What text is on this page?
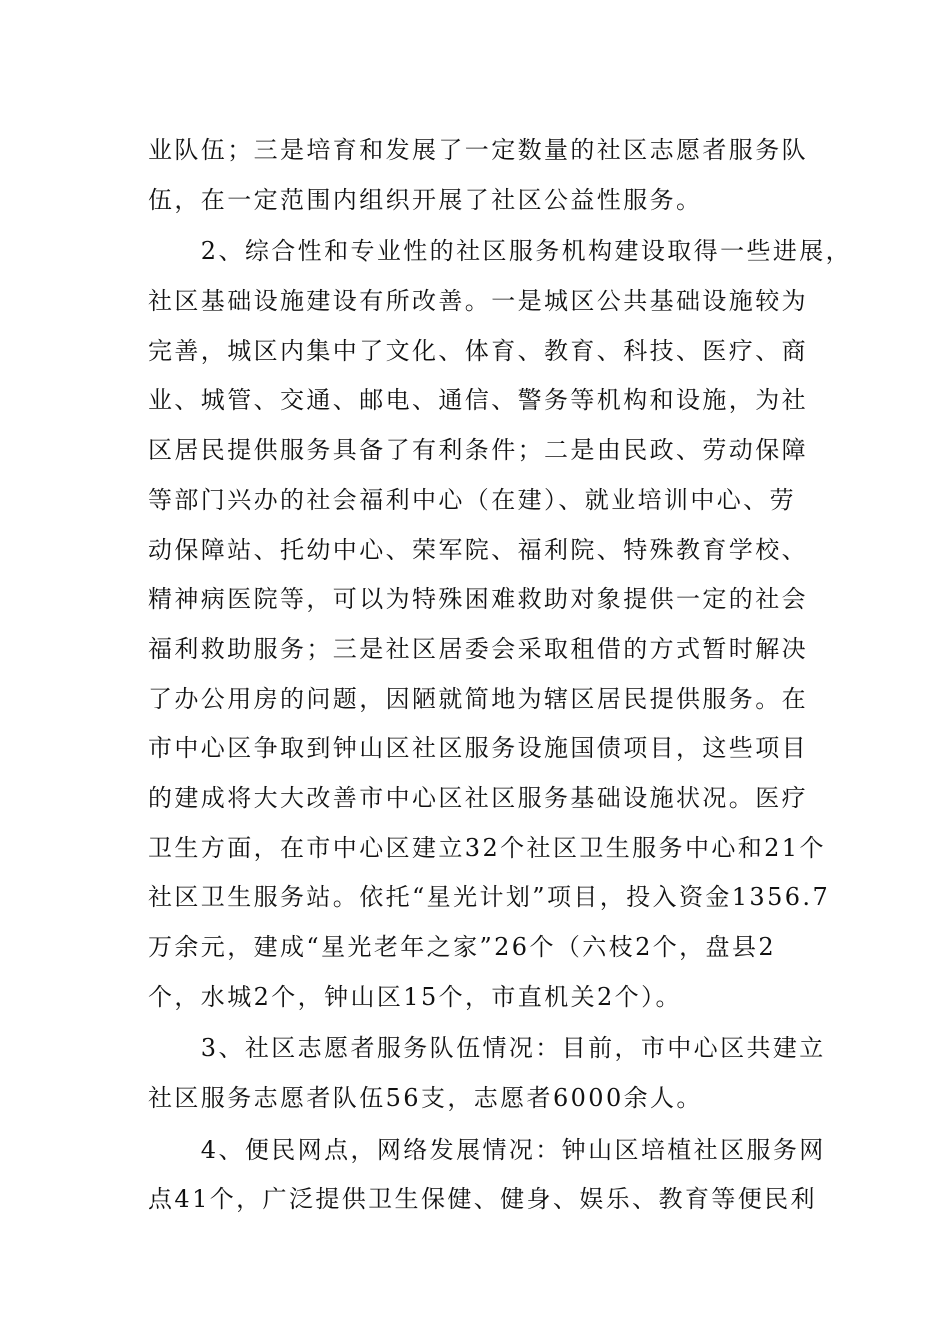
业队伍；三是培育和发展了一定数量的社区志愿者服务队
伍，在一定范围内组织开展了社区公益性服务。
　　2、综合性和专业性的社区服务机构建设取得一些进展，
社区基础设施建设有所改善。一是城区公共基础设施较为
完善，城区内集中了文化、体育、教育、科技、医疗、商
业、城管、交通、邮电、通信、警务等机构和设施，为社
区居民提供服务具备了有利条件；二是由民政、劳动保障
等部门兴办的社会福利中心（在建）、就业培训中心、劳
动保障站、托幼中心、荣军院、福利院、特殊教育学校、
精神病医院等，可以为特殊困难救助对象提供一定的社会
福利救助服务；三是社区居委会采取租借的方式暂时解决
了办公用房的问题，因陋就简地为辖区居民提供服务。在
市中心区争取到钟山区社区服务设施国债项目，这些项目
的建成将大大改善市中心区社区服务基础设施状况。医疗
卫生方面，在市中心区建立32个社区卫生服务中心和21个
社区卫生服务站。依托“星光计划”项目，投入资金1356.7
万余元，建成“星光老年之家”26个（六枝2个，盘县2
个，水城2个，钟山区15个，市直机关2个）。
　　3、社区志愿者服务队伍情况：目前，市中心区共建立
社区服务志愿者队伍56支，志愿者6000余人。
　　4、便民网点，网络发展情况：钟山区培植社区服务网
点41个，广泛提供卫生保健、健身、娱乐、教育等便民利
